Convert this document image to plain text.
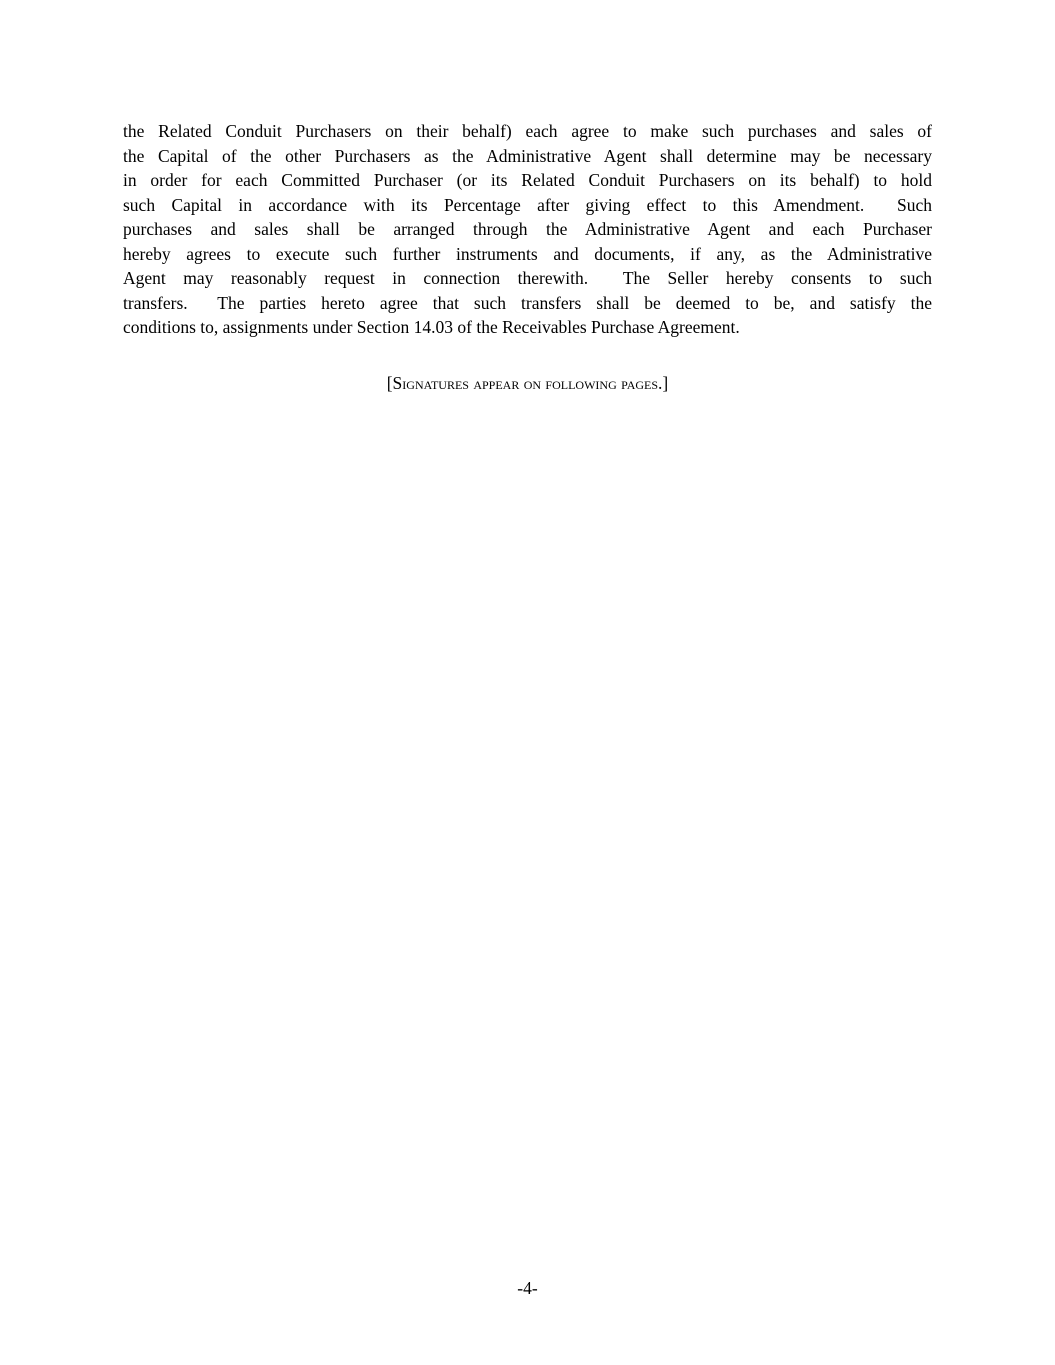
the Related Conduit Purchasers on their behalf) each agree to make such purchases and sales of
the Capital of the other Purchasers as the Administrative Agent shall determine may be necessary
in order for each Committed Purchaser (or its Related Conduit Purchasers on its behalf) to hold
such Capital in accordance with its Percentage after giving effect to this Amendment.  Such
purchases and sales shall be arranged through the Administrative Agent and each Purchaser
hereby agrees to execute such further instruments and documents, if any, as the Administrative
Agent may reasonably request in connection therewith.  The Seller hereby consents to such
transfers.  The parties hereto agree that such transfers shall be deemed to be, and satisfy the
conditions to, assignments under Section 14.03 of the Receivables Purchase Agreement.
[Signatures appear on following pages.]
-4-
